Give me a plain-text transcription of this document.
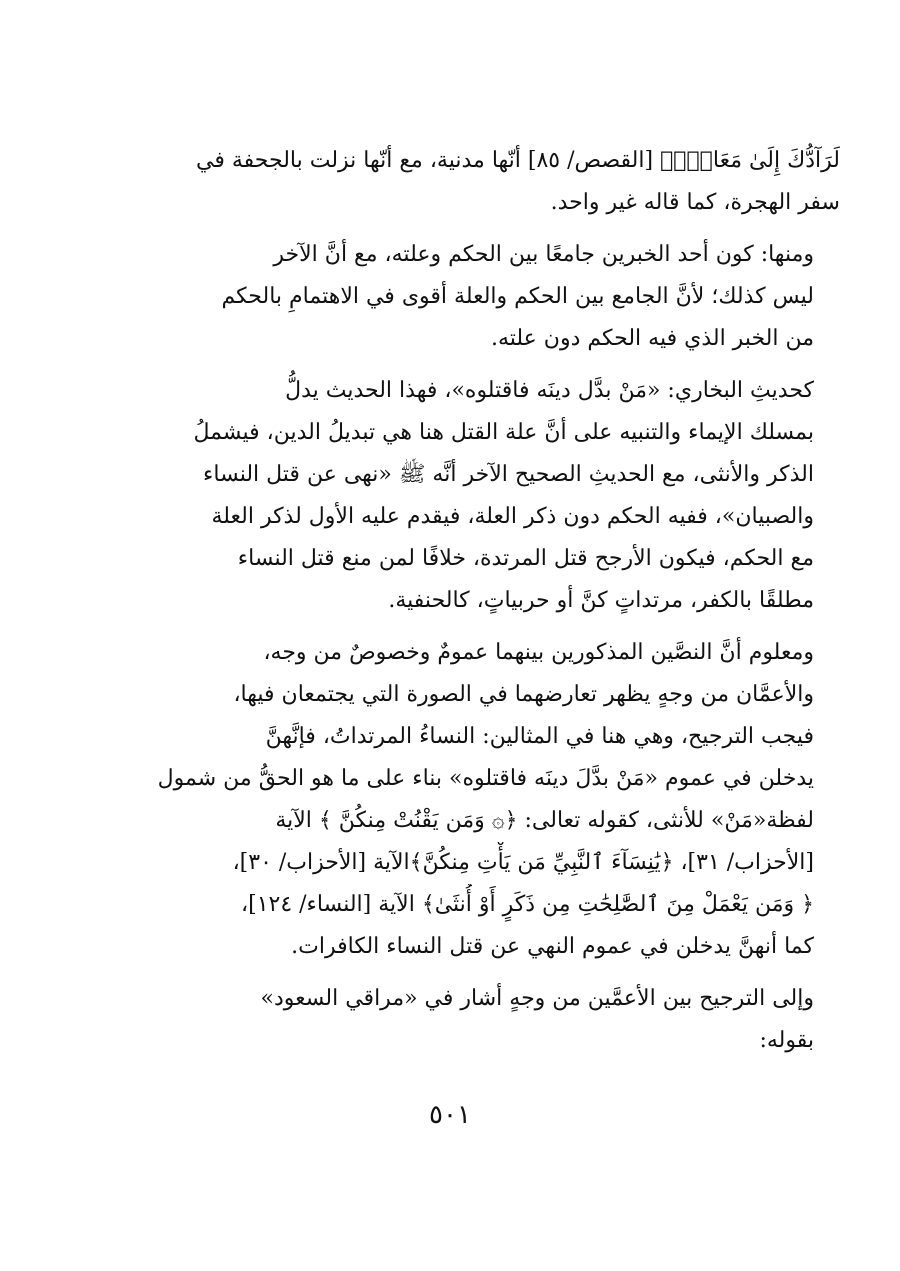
لَرَآدُّكَ إِلَىٰ مَعَادٍۚ﴾ [القصص/ ٨٥] أنّها مدنية، مع أنّها نزلت بالجحفة في
سفر الهجرة، كما قاله غير واحد.

ومنها: كون أحد الخبرين جامعًا بين الحكم وعلته، مع أنَّ الآخر
ليس كذلك؛ لأنَّ الجامع بين الحكم والعلة أقوى في الاهتمامِ بالحكم
من الخبر الذي فيه الحكم دون علته.

كحديثِ البخاري: «مَنْ بدَّل دينَه فاقتلوه»، فهذا الحديث يدلُّ
بمسلك الإيماء والتنبيه على أنَّ علة القتل هنا هي تبديلُ الدين، فيشملُ
الذكر والأنثى، مع الحديثِ الصحيح الآخر أنَّه ﷺ «نهى عن قتل النساء
والصبيان»، ففيه الحكم دون ذكر العلة، فيقدم عليه الأول لذكر العلة
مع الحكم، فيكون الأرجح قتل المرتدة، خلافًا لمن منع قتل النساء
مطلقًا بالكفر، مرتداتٍ كنَّ أو حربياتٍ، كالحنفية.

ومعلوم أنَّ النصَّين المذكورين بينهما عمومٌ وخصوصٌ من وجه،
والأعمَّان من وجهٍ يظهر تعارضهما في الصورة التي يجتمعان فيها،
فيجب الترجيح، وهي هنا في المثالين: النساءُ المرتداتُ، فإنَّهنَّ
يدخلن في عموم «مَنْ بدَّلَ دينَه فاقتلوه» بناء على ما هو الحقُّ من شمول
لفظة«مَنْ» للأنثى، كقوله تعالى: ﴿۞ وَمَن يَقْنُتْ مِنكُنَّ ﴾ الآية
[الأحزاب/ ٣١]، ﴿يَٰنِسَآءَ ٱلنَّبِيِّ مَن يَأْتِ مِنكُنَّ﴾الآية [الأحزاب/ ٣٠]،
﴿ وَمَن يَعْمَلْ مِنَ ٱلصَّٰلِحَٰتِ مِن ذَكَرٍ أَوْ أُنثَىٰ﴾ الآية [النساء/ ١٢٤]،
كما أنهنَّ يدخلن في عموم النهي عن قتل النساء الكافرات.

وإلى الترجيح بين الأعمَّين من وجهٍ أشار في «مراقي السعود»
بقوله:

٥٠١
